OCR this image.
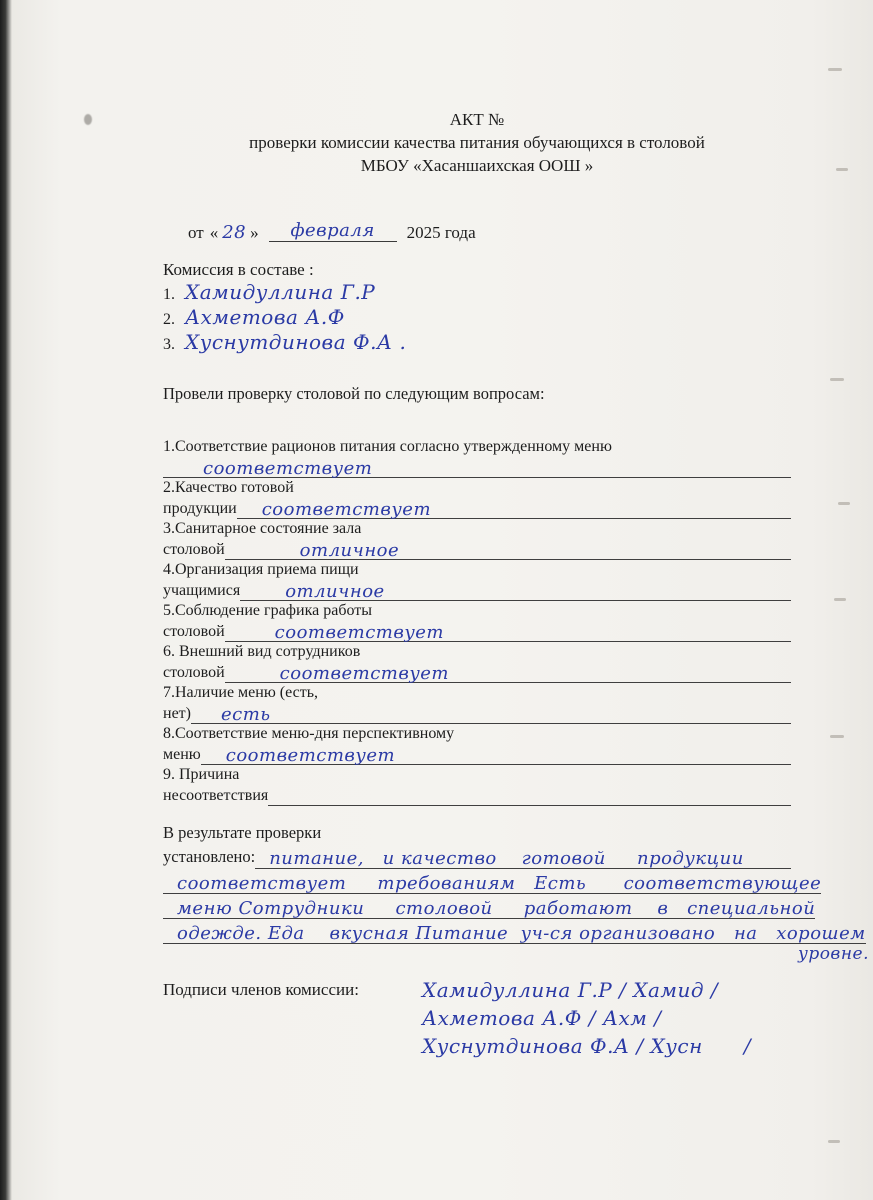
АКТ №
проверки комиссии качества питания обучающихся в столовой
МБОУ «Хасаншаихская ООШ »
от « 28 »	февраля	2025 года
Комиссия в составе :
1. Хамидуллина Г.Р
2. Ахметова А.Ф
3. Хуснутдинова Ф.А .
Провели проверку столовой по следующим вопросам:
1.Соответствие рационов питания согласно утвержденному меню
соответствует
2.Качество готовой
продукции	соответствует
3.Санитарное состояние зала
столовой	отличное
4.Организация приема пищи
учащимися	отличное
5.Соблюдение графика работы
столовой	соответствует
6. Внешний вид сотрудников
столовой	соответствует
7.Наличие меню (есть,
нет)	есть
8.Соответствие меню-дня перспективному
меню	соответствует
9. Причина
несоответствия
В результате проверки
установлено: питание,   и качество    готовой     продукции
соответствует     требованиям   Есть      соответствующее
меню Сотрудники     столовой     работают    в   специальной
одежде. Еда    вкусная Питание  уч-ся организовано   на   хорошем
уровне.
Подписи членов комиссии:	Хамидуллина Г.Р / Хамид /
Ахметова А.Ф / Ахм /
Хуснутдинова Ф.А / Хусн      /
